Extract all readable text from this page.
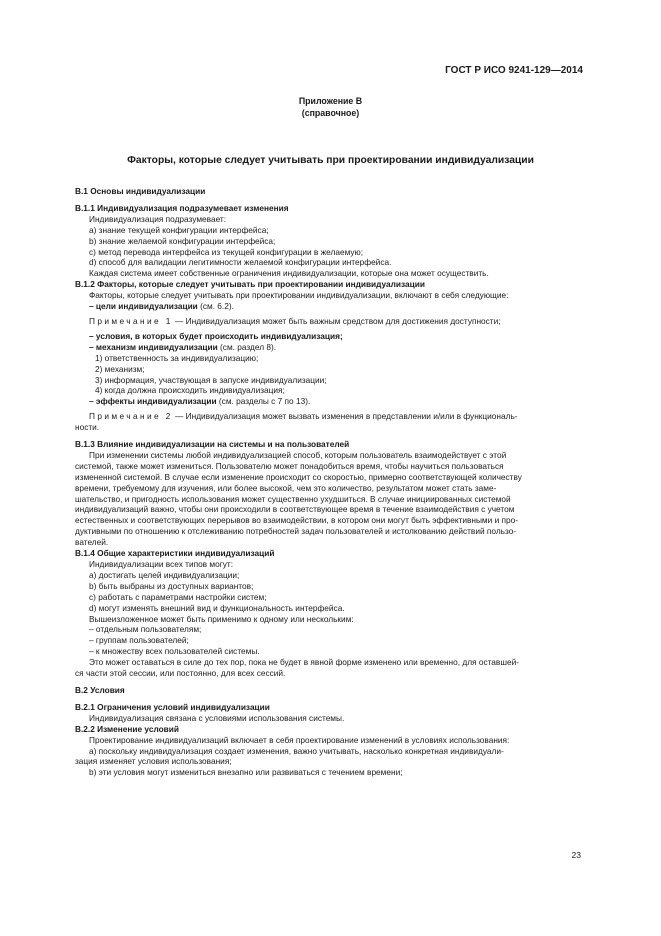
ГОСТ Р ИСО 9241-129—2014
Приложение В
(справочное)
Факторы, которые следует учитывать при проектировании индивидуализации

В.1 Основы индивидуализации

В.1.1 Индивидуализация подразумевает изменения

Индивидуализация подразумевает:

a) знание текущей конфигурации интерфейса;

b) знание желаемой конфигурации интерфейса;

c) метод перевода интерфейса из текущей конфигурации в желаемую;

d) способ для валидации легитимности желаемой конфигурации интерфейса.

Каждая система имеет собственные ограничения индивидуализации, которые она может осуществить.

В.1.2 Факторы, которые следует учитывать при проектировании индивидуализации

Факторы, которые следует учитывать при проектировании индивидуализации, включают в себя следующие:

– цели индивидуализации (см. 6.2).

Примечание 1 — Индивидуализация может быть важным средством для достижения доступности;

– условия, в которых будет происходить индивидуализация;

– механизм индивидуализации (см. раздел 8).

1) ответственность за индивидуализацию;

2) механизм;

3) информация, участвующая в запуске индивидуализации;

4) когда должна происходить индивидуализация;

– эффекты индивидуализации (см. разделы с 7 по 13).

Примечание 2 — Индивидуализация может вызвать изменения в представлении и/или в функциональ-

ности.

В.1.3 Влияние индивидуализации на системы и на пользователей

При изменении системы любой индивидуализацией способ, которым пользователь взаимодействует с этой

системой, также может измениться. Пользователю может понадобиться время, чтобы научиться пользоваться

измененной системой. В случае если изменение происходит со скоростью, примерно соответствующей количеству

времени, требуемому для изучения, или более высокой, чем это количество, результатом может стать заме-

шательство, и пригодность использования может существенно ухудшиться. В случае инициированных системой

индивидуализаций важно, чтобы они происходили в соответствующее время в течение взаимодействия с учетом

естественных и соответствующих перерывов во взаимодействии, в котором они могут быть эффективными и про-

дуктивными по отношению к отслеживанию потребностей задач пользователей и истолкованию действий пользо-

вателей.

В.1.4 Общие характеристики индивидуализаций

Индивидуализации всех типов могут:

a) достигать целей индивидуализации;

b) быть выбраны из доступных вариантов;

c) работать с параметрами настройки систем;

d) могут изменять внешний вид и функциональность интерфейса.

Вышеизложенное может быть применимо к одному или нескольким:

– отдельным пользователям;

– группам пользователей;

– к множеству всех пользователей системы.

Это может оставаться в силе до тех пор, пока не будет в явной форме изменено или временно, для оставшей-

ся части этой сессии, или постоянно, для всех сессий.

В.2 Условия

В.2.1 Ограничения условий индивидуализации

Индивидуализация связана с условиями использования системы.

В.2.2 Изменение условий

Проектирование индивидуализаций включает в себя проектирование изменений в условиях использования:

a) поскольку индивидуализация создает изменения, важно учитывать, насколько конкретная индивидуали-

зация изменяет условия использования;

b) эти условия могут измениться внезапно или развиваться с течением времени;

23
